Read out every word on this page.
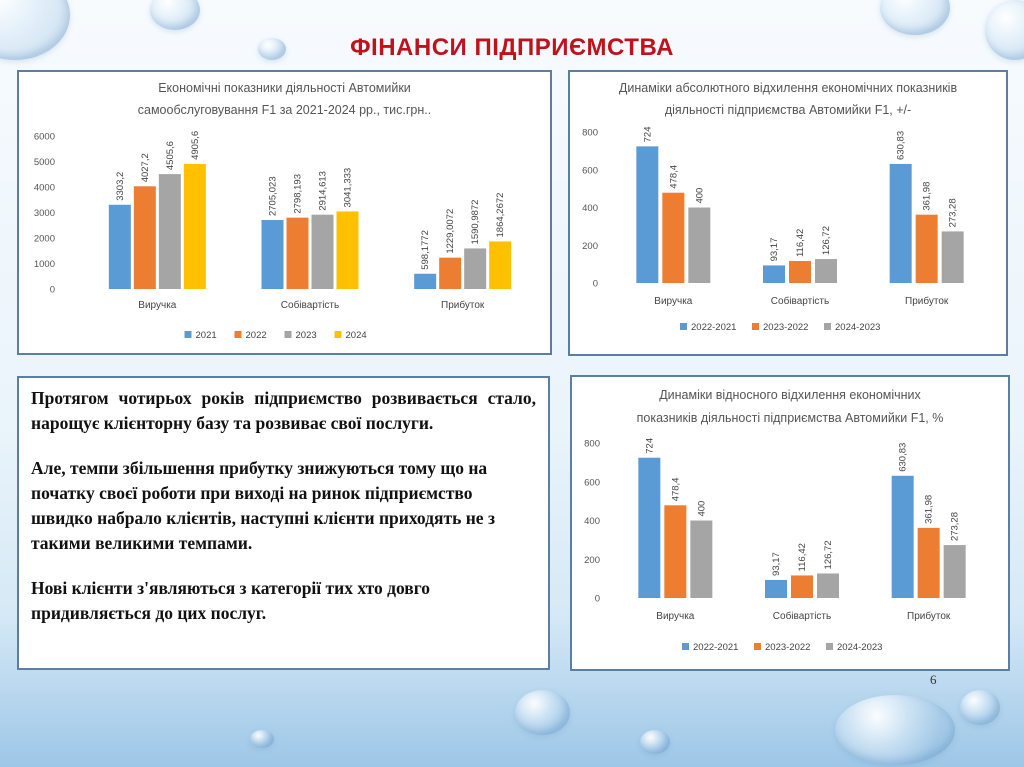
ФІНАНСИ ПІДПРИЄМСТВА
Економічні показники діяльності Автомийки
самообслуговування F1 за 2021-2024 рр., тис.грн..
0
1000
2000
3000
4000
5000
6000
Виручка
3303,2
4027,2 4505,6 4905,6
Собівартість
2705,023 2798,193 2914,613 3041,333
Прибуток
598,1772 1229,0072 1590,9872 1864,2672
2021	2022	2023	2024
Динаміки абсолютного відхилення економічних показників
діяльності підприємства Автомийки F1, +/-
0
200
400
600
800
Виручка
724
478,4
400
Собівартість
93,17 116,42 126,72
Прибуток
630,83
361,98
273,28
2022-2021	2023-2022	2024-2023
Динаміки відносного відхилення економічних
показників діяльності підприємства Автомийки F1, %
0
200
400
600
800
Виручка
724
478,4
400
Собівартість
93,17 116,42 126,72
Прибуток
630,83
361,98
273,28
2022-2021	2023-2022	2024-2023

Протягом чотирьох років підприємство розвивається стало, нарощує клієнторну базу та розвиває свої послуги.

Але, темпи збільшення прибутку знижуються тому що на початку своєї роботи при виході на ринок підприємство швидко набрало клієнтів, наступні клієнти приходять не з такими великими темпами.

Нові клієнти з'являються з категорії тих хто довго придивляється до цих послуг.

6
